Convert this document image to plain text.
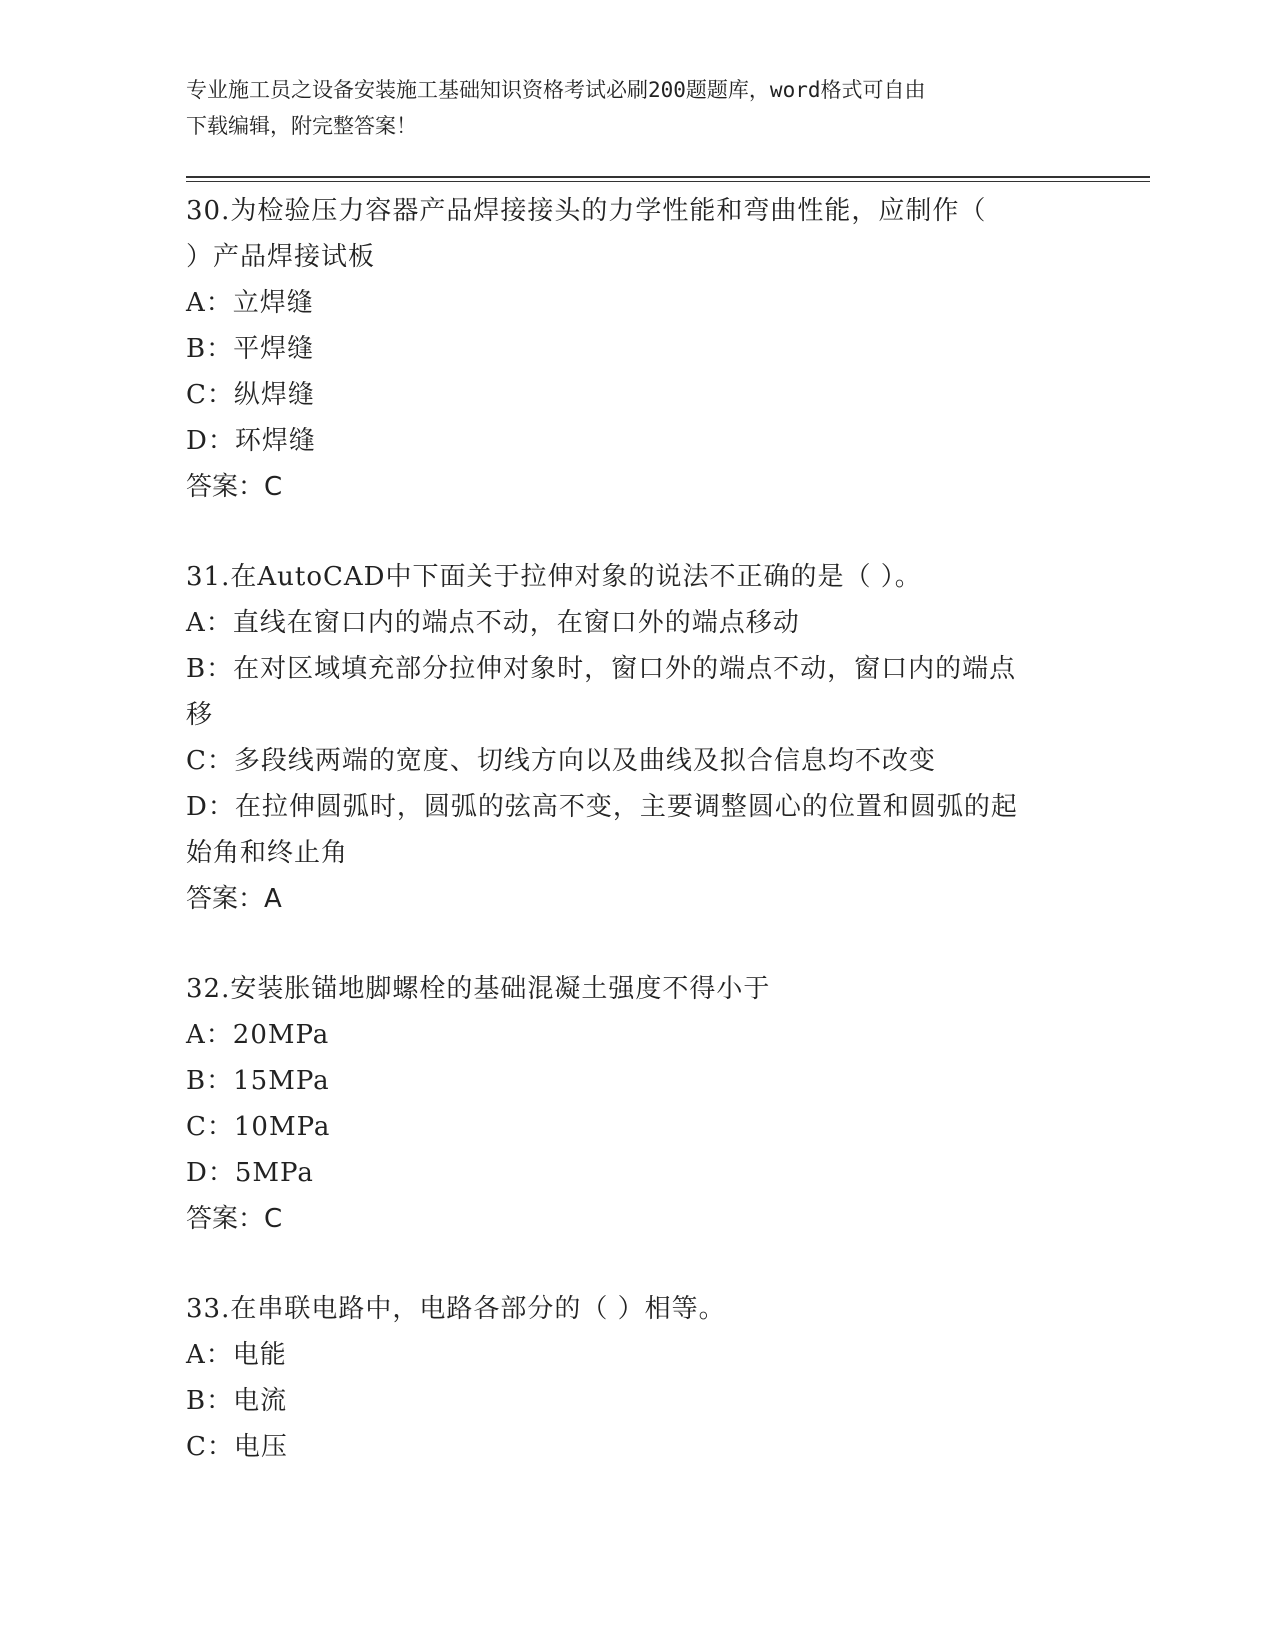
专业施工员之设备安装施工基础知识资格考试必刷200题题库，word格式可自由
下载编辑，附完整答案！
30.为检验压力容器产品焊接接头的力学性能和弯曲性能，应制作（
）产品焊接试板
A：立焊缝
B：平焊缝
C：纵焊缝
D：环焊缝
答案：C
31.在AutoCAD中下面关于拉伸对象的说法不正确的是（ ）。
A：直线在窗口内的端点不动，在窗口外的端点移动
B：在对区域填充部分拉伸对象时，窗口外的端点不动，窗口内的端点
移
C：多段线两端的宽度、切线方向以及曲线及拟合信息均不改变
D：在拉伸圆弧时，圆弧的弦高不变，主要调整圆心的位置和圆弧的起
始角和终止角
答案：A
32.安装胀锚地脚螺栓的基础混凝土强度不得小于
A：20MPa
B：15MPa
C：10MPa
D：5MPa
答案：C
33.在串联电路中，电路各部分的（ ）相等。
A：电能
B：电流
C：电压
